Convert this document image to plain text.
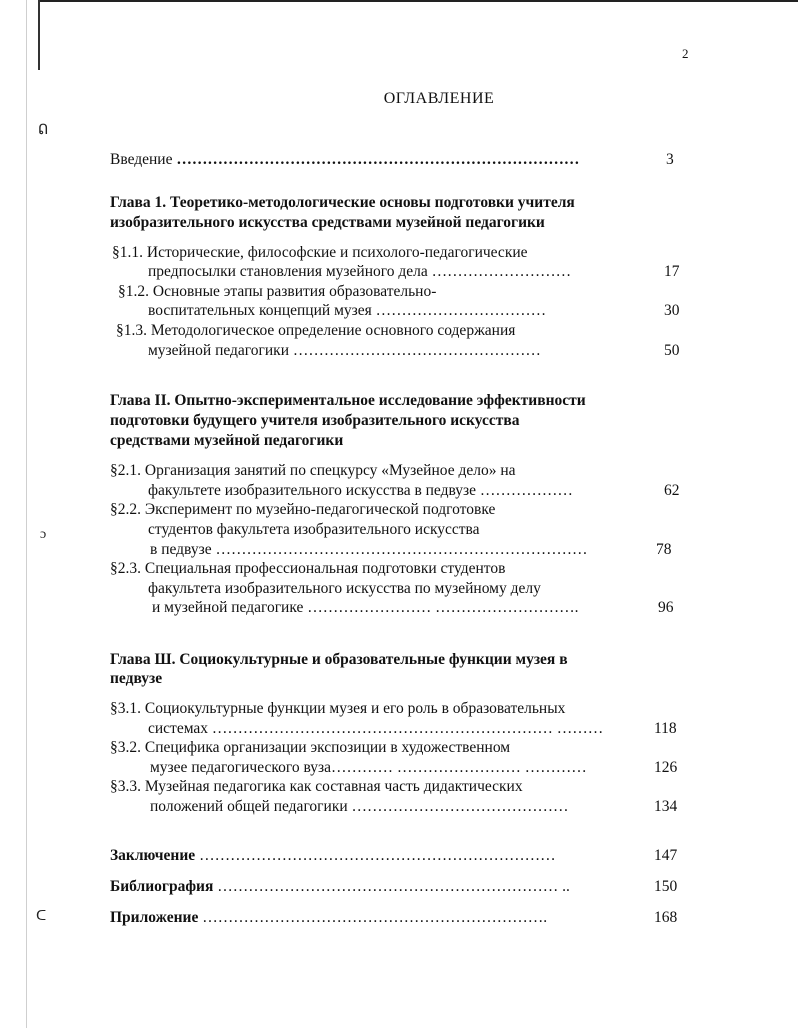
ᕠ
ɔ
ᑕ
2
ОГЛАВЛЕНИЕ
Введение ……………………………………………………………………	3
Глава 1. Теоретико-методологические основы подготовки учителя
изобразительного искусства средствами музейной педагогики
§1.1. Исторические, философские и психолого-педагогические
предпосылки становления музейного дела ………………………	17
§1.2. Основные этапы развития образовательно-
воспитательных концепций музея ……………………………	30
§1.3. Методологическое определение основного содержания
музейной педагогики …………………………………………	50
Глава II. Опытно-экспериментальное исследование эффективности
подготовки будущего учителя изобразительного искусства
средствами музейной педагогики
§2.1. Организация занятий по спецкурсу «Музейное дело» на
факультете изобразительного искусства в педвузе ………………	62
§2.2. Эксперимент по музейно-педагогической подготовке
студентов факультета изобразительного искусства
в педвузе ………………………………………………………………	78
§2.3. Специальная профессиональная подготовки студентов
факультета изобразительного искусства по музейному делу
и музейной педагогике …………………… ……………………….	96
Глава Ш. Социокультурные и образовательные функции музея в
педвузе
§3.1. Социокультурные функции музея и его роль в образовательных
системах ………………………………………………………… ………	118
§3.2. Специфика организации экспозиции в художественном
музее педагогического вуза………… …………………… …………	126
§3.3. Музейная педагогика как составная часть дидактических
положений общей педагогики ……………………………………	134
Заключение ……………………………………………………………	147
Библиография ………………………………………………………… ..	150
Приложение ………………………………………………………….	168
